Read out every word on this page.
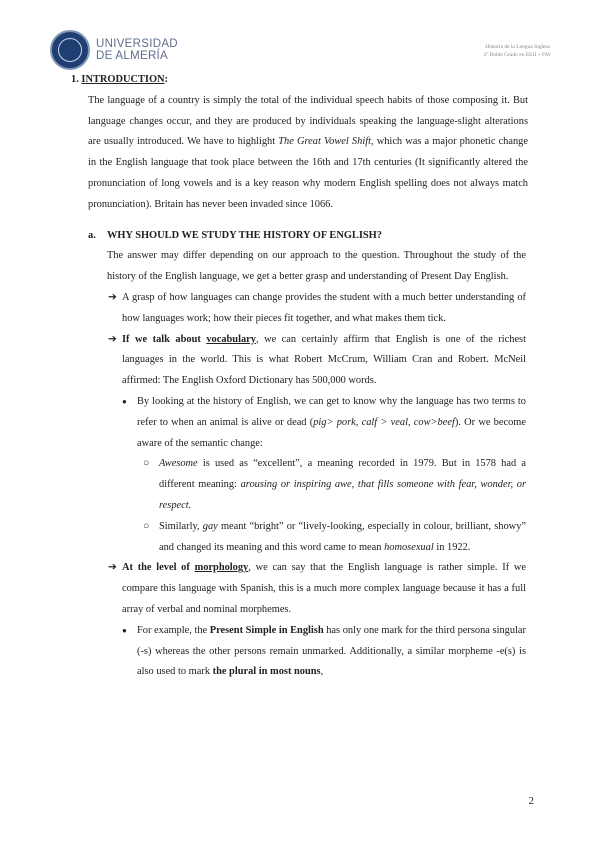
UNIVERSIDAD
DE ALMERÍA
Historia de la Lengua Inglesa
3º Doble Grado en EEII + FM

1. INTRODUCTION:

The language of a country is simply the total of the individual speech habits of those composing it. But language changes occur, and they are produced by individuals speaking the language-slight alterations are usually introduced. We have to highlight The Great Vowel Shift, which was a major phonetic change in the English language that took place between the 16th and 17th centuries (It significantly altered the pronunciation of long vowels and is a key reason why modern English spelling does not always match pronunciation). Britain has never been invaded since 1066.

a. WHY SHOULD WE STUDY THE HISTORY OF ENGLISH?

The answer may differ depending on our approach to the question. Throughout the study of the history of the English language, we get a better grasp and understanding of Present Day English.

➔ A grasp of how languages can change provides the student with a much better understanding of how languages work; how their pieces fit together, and what makes them tick.

➔ If we talk about vocabulary, we can certainly affirm that English is one of the richest languages in the world. This is what Robert McCrum, William Cran and Robert. McNeil affirmed: The English Oxford Dictionary has 500,000 words.

● By looking at the history of English, we can get to know why the language has two terms to refer to when an animal is alive or dead (pig> pork, calf > veal, cow>beef). Or we become aware of the semantic change:

○ Awesome is used as “excellent”, a meaning recorded in 1979. But in 1578 had a different meaning: arousing or inspiring awe, that fills someone with fear, wonder, or respect.

○ Similarly, gay meant “bright” or “lively-looking, especially in colour, brilliant, showy” and changed its meaning and this word came to mean homosexual in 1922.

➔ At the level of morphology, we can say that the English language is rather simple. If we compare this language with Spanish, this is a much more complex language because it has a full array of verbal and nominal morphemes.

● For example, the Present Simple in English has only one mark for the third persona singular (-s) whereas the other persons remain unmarked. Additionally, a similar morpheme -e(s) is also used to mark the plural in most nouns,

2
